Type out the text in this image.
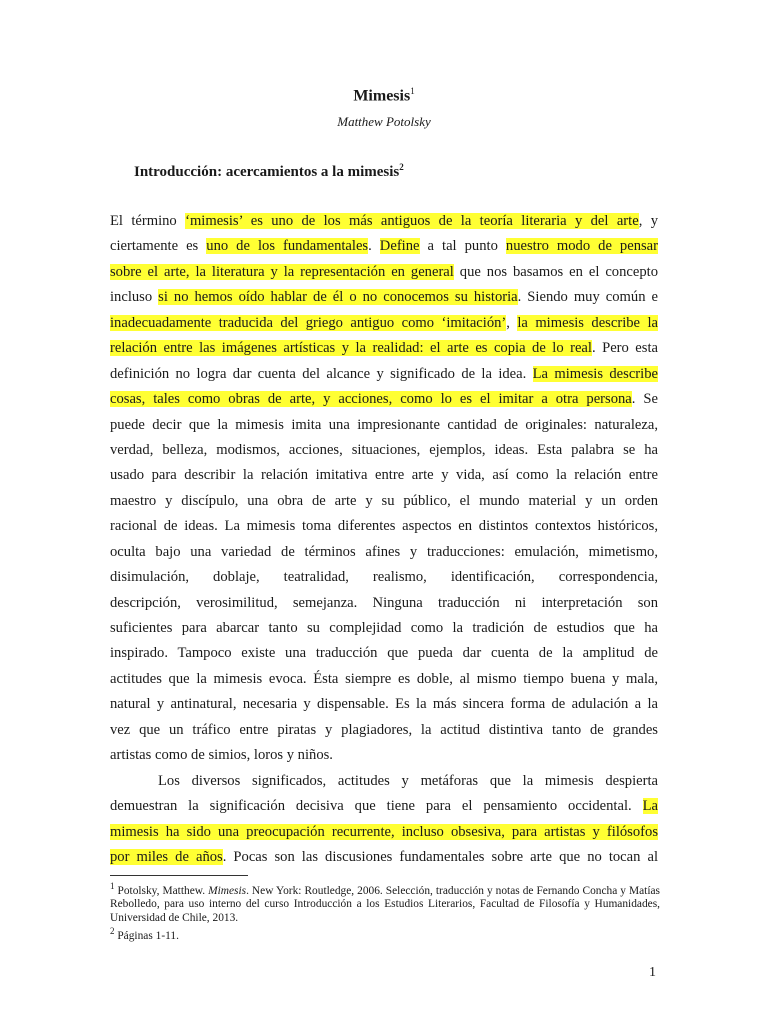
Mimesis$^1$
Matthew Potolsky
Introducción: acercamientos a la mimesis$^2$
El término ‘mimesis’ es uno de los más antiguos de la teoría literaria y del arte, y
ciertamente es uno de los fundamentales. Define a tal punto nuestro modo de pensar
sobre el arte, la literatura y la representación en general que nos basamos en el concepto
incluso si no hemos oído hablar de él o no conocemos su historia. Siendo muy común e
inadecuadamente traducida del griego antiguo como ‘imitación’, la mimesis describe la
relación entre las imágenes artísticas y la realidad: el arte es copia de lo real. Pero esta
definición no logra dar cuenta del alcance y significado de la idea. La mimesis describe
cosas, tales como obras de arte, y acciones, como lo es el imitar a otra persona. Se
puede decir que la mimesis imita una impresionante cantidad de originales: naturaleza,
verdad, belleza, modismos, acciones, situaciones, ejemplos, ideas. Esta palabra se ha
usado para describir la relación imitativa entre arte y vida, así como la relación entre
maestro y discípulo, una obra de arte y su público, el mundo material y un orden
racional de ideas. La mimesis toma diferentes aspectos en distintos contextos históricos,
oculta bajo una variedad de términos afines y traducciones: emulación, mimetismo,
disimulación, doblaje, teatralidad, realismo, identificación, correspondencia,
descripción, verosimilitud, semejanza. Ninguna traducción ni interpretación son
suficientes para abarcar tanto su complejidad como la tradición de estudios que ha
inspirado. Tampoco existe una traducción que pueda dar cuenta de la amplitud de
actitudes que la mimesis evoca. Ésta siempre es doble, al mismo tiempo buena y mala,
natural y antinatural, necesaria y dispensable. Es la más sincera forma de adulación a la
vez que un tráfico entre piratas y plagiadores, la actitud distintiva tanto de grandes
artistas como de simios, loros y niños.
Los diversos significados, actitudes y metáforas que la mimesis despierta
demuestran la significación decisiva que tiene para el pensamiento occidental. La
mimesis ha sido una preocupación recurrente, incluso obsesiva, para artistas y filósofos
por miles de años. Pocas son las discusiones fundamentales sobre arte que no tocan al
$^1$ Potolsky, Matthew. Mimesis. New York: Routledge, 2006. Selección, traducción y notas de Fernando Concha y Matías Rebolledo, para uso interno del curso Introducción a los Estudios Literarios, Facultad de Filosofía y Humanidades, Universidad de Chile, 2013.
$^2$ Páginas 1-11.
1
